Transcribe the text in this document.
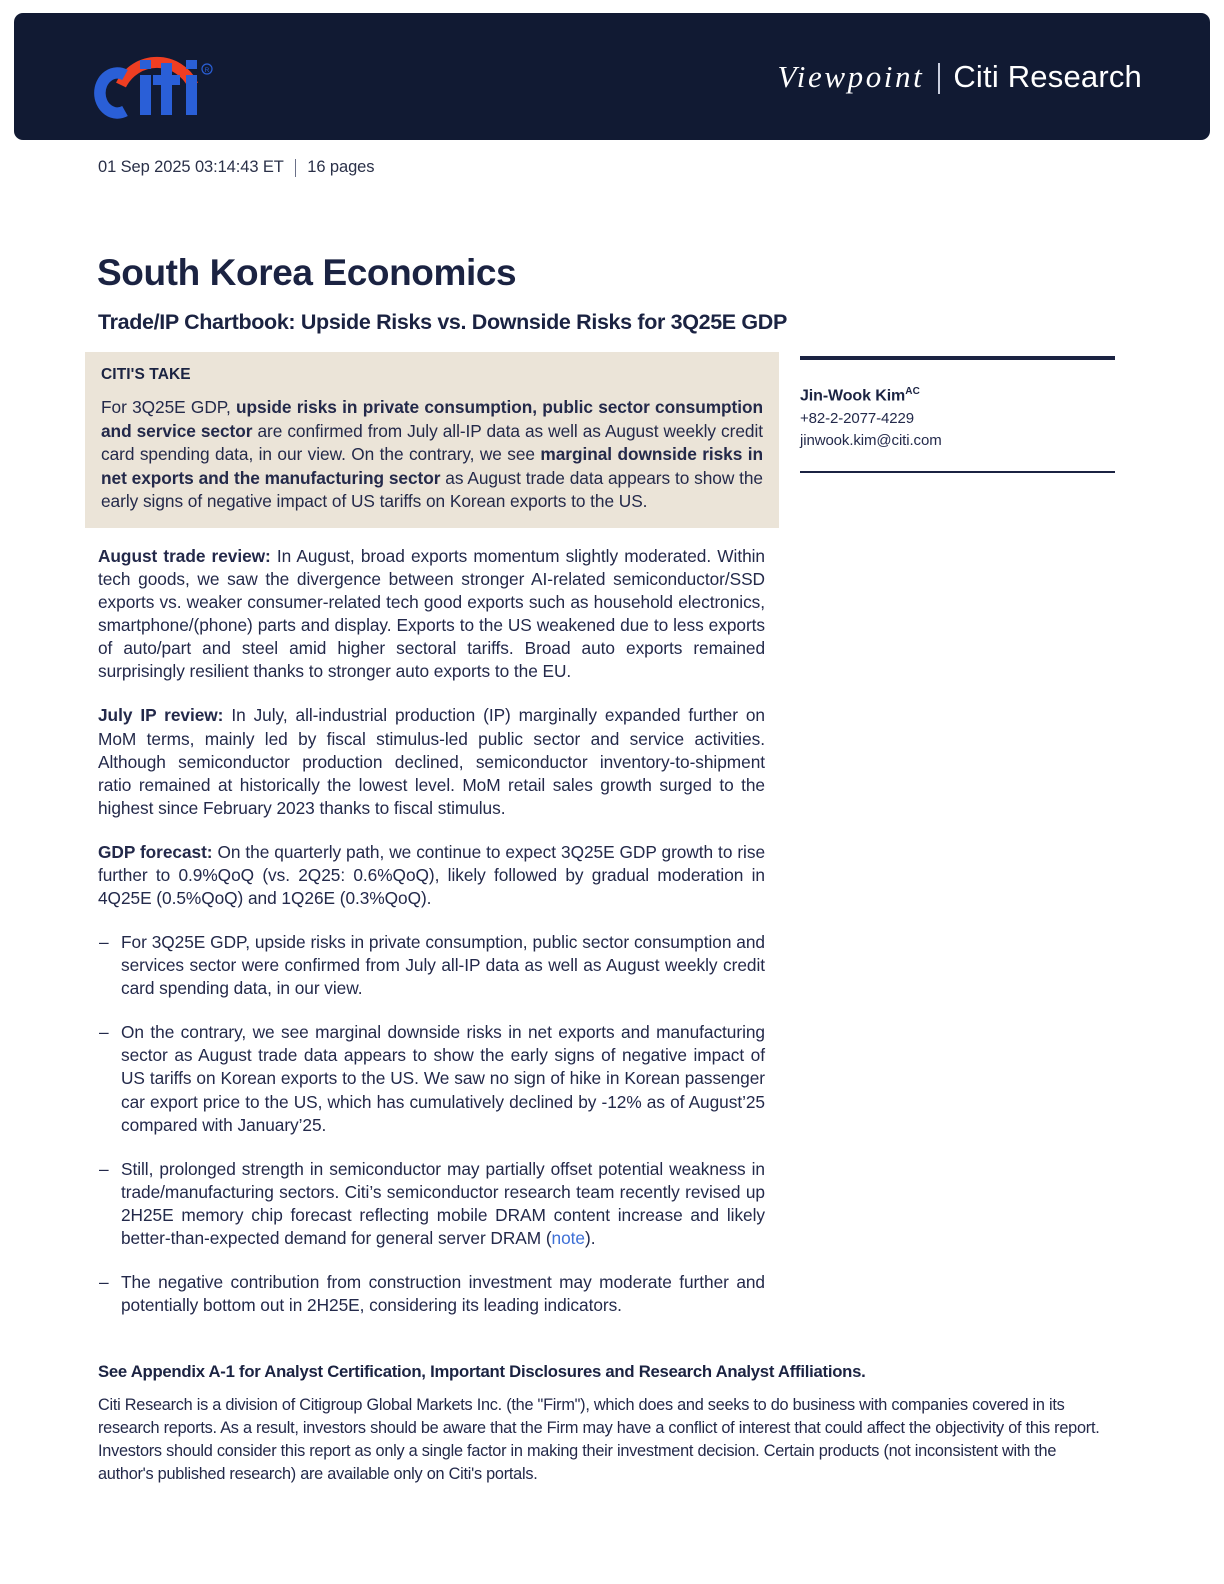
R	Viewpoint Citi Research
01 Sep 2025 03:14:43 ET 16 pages
South Korea Economics
Trade/IP Chartbook: Upside Risks vs. Downside Risks for 3Q25E GDP
CITI'S TAKE

For 3Q25E GDP, upside risks in private consumption, public sector consumption and service sector are confirmed from July all-IP data as well as August weekly credit card spending data, in our view. On the contrary, we see marginal downside risks in net exports and the manufacturing sector as August trade data appears to show the early signs of negative impact of US tariffs on Korean exports to the US.

Jin-Wook Kim$^{AC}$
+82-2-2077-4229
jinwook.kim@citi.com

August trade review: In August, broad exports momentum slightly moderated. Within tech goods, we saw the divergence between stronger AI-related semiconductor/SSD exports vs. weaker consumer-related tech good exports such as household electronics, smartphone/(phone) parts and display. Exports to the US weakened due to less exports of auto/part and steel amid higher sectoral tariffs. Broad auto exports remained surprisingly resilient thanks to stronger auto exports to the EU.

July IP review: In July, all-industrial production (IP) marginally expanded further on MoM terms, mainly led by fiscal stimulus-led public sector and service activities. Although semiconductor production declined, semiconductor inventory-to-shipment ratio remained at historically the lowest level. MoM retail sales growth surged to the highest since February 2023 thanks to fiscal stimulus.

GDP forecast: On the quarterly path, we continue to expect 3Q25E GDP growth to rise further to 0.9%QoQ (vs. 2Q25: 0.6%QoQ), likely followed by gradual moderation in 4Q25E (0.5%QoQ) and 1Q26E (0.3%QoQ).

– For 3Q25E GDP, upside risks in private consumption, public sector consumption and services sector were confirmed from July all-IP data as well as August weekly credit card spending data, in our view.

– On the contrary, we see marginal downside risks in net exports and manufacturing sector as August trade data appears to show the early signs of negative impact of US tariffs on Korean exports to the US. We saw no sign of hike in Korean passenger car export price to the US, which has cumulatively declined by -12% as of August’25 compared with January’25.

– Still, prolonged strength in semiconductor may partially offset potential weakness in trade/manufacturing sectors. Citi’s semiconductor research team recently revised up 2H25E memory chip forecast reflecting mobile DRAM content increase and likely better-than-expected demand for general server DRAM (note).

– The negative contribution from construction investment may moderate further and potentially bottom out in 2H25E, considering its leading indicators.

See Appendix A-1 for Analyst Certification, Important Disclosures and Research Analyst Affiliations.

Citi Research is a division of Citigroup Global Markets Inc. (the "Firm"), which does and seeks to do business with companies covered in its research reports. As a result, investors should be aware that the Firm may have a conflict of interest that could affect the objectivity of this report. Investors should consider this report as only a single factor in making their investment decision. Certain products (not inconsistent with the author's published research) are available only on Citi's portals.
